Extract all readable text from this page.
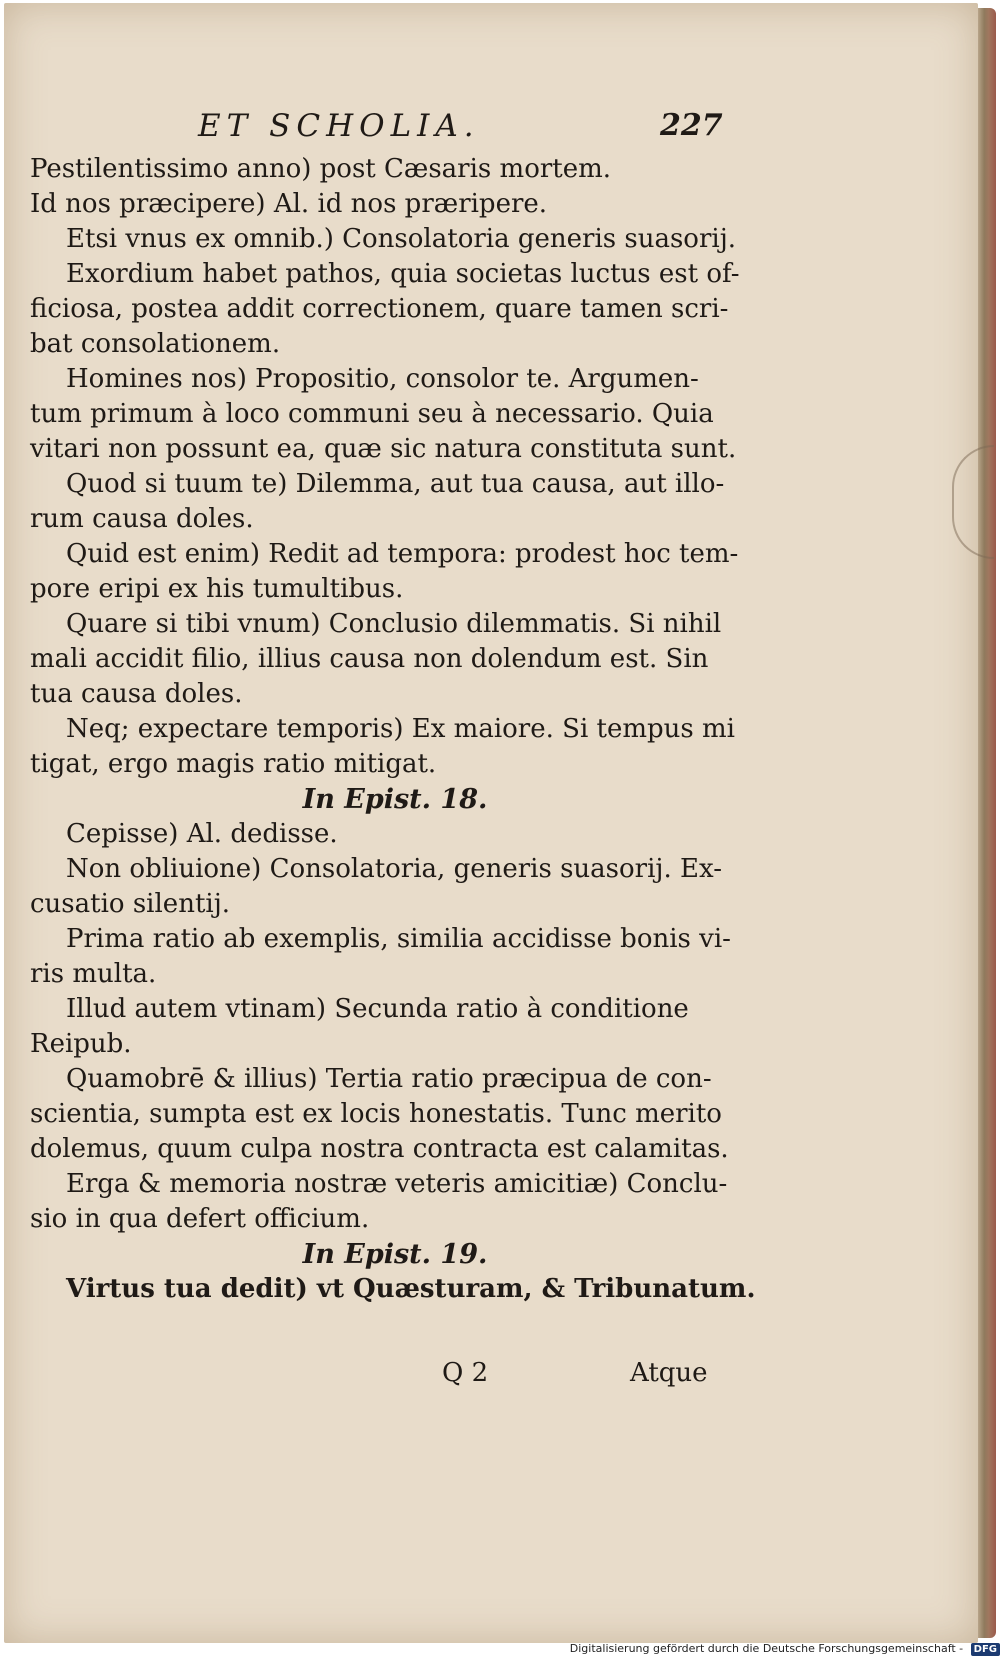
ET SCHOLIA.	227
Pestilentissimo anno) post Cæsaris mortem.
Id nos præcipere) Al. id nos præripere.
Etsi vnus ex omnib.) Consolatoria generis suasorij.
Exordium habet pathos, quia societas luctus est of-
ficiosa, postea addit correctionem, quare tamen scri-
bat consolationem.
Homines nos) Propositio, consolor te. Argumen-
tum primum à loco communi seu à necessario. Quia
vitari non possunt ea, quæ sic natura constituta sunt.
Quod si tuum te) Dilemma, aut tua causa, aut illo-
rum causa doles.
Quid est enim) Redit ad tempora: prodest hoc tem-
pore eripi ex his tumultibus.
Quare si tibi vnum) Conclusio dilemmatis. Si nihil
mali accidit filio, illius causa non dolendum est. Sin
tua causa doles.
Neq; expectare temporis) Ex maiore. Si tempus mi
tigat, ergo magis ratio mitigat.
In Epist. 18.
Cepisse) Al. dedisse.
Non obliuione) Consolatoria, generis suasorij. Ex-
cusatio silentij.
Prima ratio ab exemplis, similia accidisse bonis vi-
ris multa.
Illud autem vtinam) Secunda ratio à conditione
Reipub.
Quamobrē & illius) Tertia ratio præcipua de con-
scientia, sumpta est ex locis honestatis. Tunc merito
dolemus, quum culpa nostra contracta est calamitas.
Erga & memoria nostræ veteris amicitiæ) Conclu-
sio in qua defert officium.
In Epist. 19.
Virtus tua dedit) vt Quæsturam, & Tribunatum.
Q 2	Atque
Digitalisierung gefördert durch die Deutsche Forschungsgemeinschaft - DFG
